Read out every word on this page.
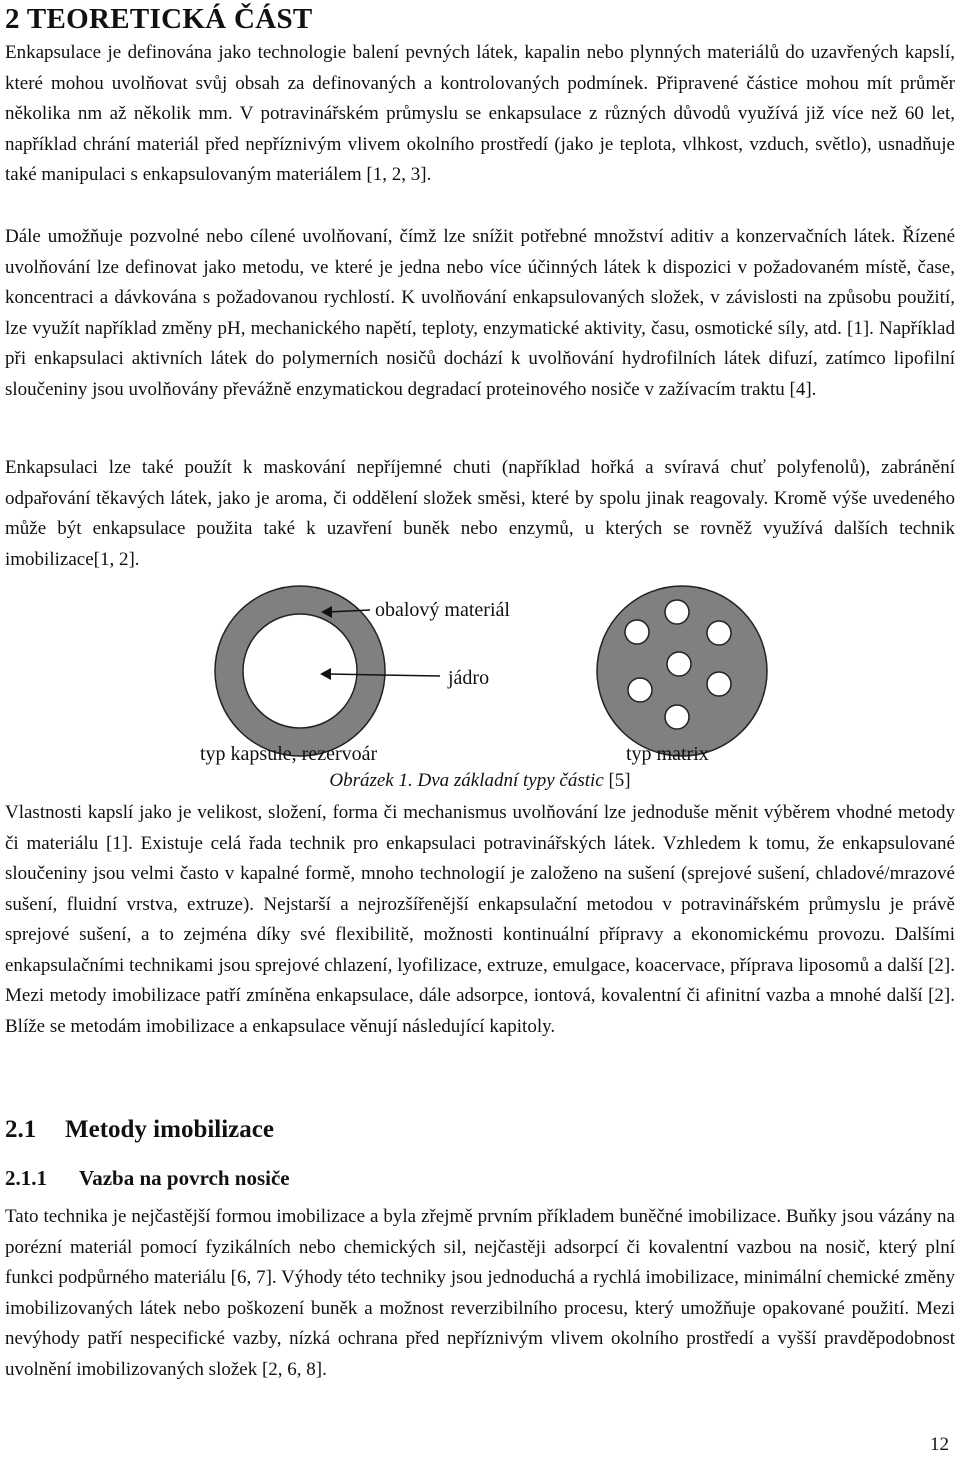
2 TEORETICKÁ ČÁST

Enkapsulace je definována jako technologie balení pevných látek, kapalin nebo plynných materiálů do uzavřených kapslí, které mohou uvolňovat svůj obsah za definovaných a kontrolovaných podmínek. Připravené částice mohou mít průměr několika nm až několik mm. V potravinářském průmyslu se enkapsulace z různých důvodů využívá již více než 60 let, například chrání materiál před nepříznivým vlivem okolního prostředí (jako je teplota, vlhkost, vzduch, světlo), usnadňuje také manipulaci s enkapsulovaným materiálem [1, 2, 3].

Dále umožňuje pozvolné nebo cílené uvolňovaní, čímž lze snížit potřebné množství aditiv a konzervačních látek. Řízené uvolňování lze definovat jako metodu, ve které je jedna nebo více účinných látek k dispozici v požadovaném místě, čase, koncentraci a dávkována s požadovanou rychlostí. K uvolňování enkapsulovaných složek, v závislosti na způsobu použití, lze využít například změny pH, mechanického napětí, teploty, enzymatické aktivity, času, osmotické síly, atd. [1]. Například při enkapsulaci aktivních látek do polymerních nosičů dochází k uvolňování hydrofilních látek difuzí, zatímco lipofilní sloučeniny jsou uvolňovány převážně enzymatickou degradací proteinového nosiče v zažívacím traktu [4].

Enkapsulaci lze také použít k maskování nepříjemné chuti (například hořká a svíravá chuť polyfenolů), zabránění odpařování těkavých látek, jako je aroma, či oddělení složek směsi, které by spolu jinak reagovaly. Kromě výše uvedeného může být enkapsulace použita také k uzavření buněk nebo enzymů, u kterých se rovněž využívá dalších technik imobilizace[1, 2].

Obrázek 1. Dva základní typy částic [5]

Vlastnosti kapslí jako je velikost, složení, forma či mechanismus uvolňování lze jednoduše měnit výběrem vhodné metody či materiálu [1]. Existuje celá řada technik pro enkapsulaci potravinářských látek. Vzhledem k tomu, že enkapsulované sloučeniny jsou velmi často v kapalné formě, mnoho technologií je založeno na sušení (sprejové sušení, chladové/mrazové sušení, fluidní vrstva, extruze). Nejstarší a nejrozšířenější enkapsulační metodou v potravinářském průmyslu je právě sprejové sušení, a to zejména díky své flexibilitě, možnosti kontinuální přípravy a ekonomickému provozu. Dalšími enkapsulačními technikami jsou sprejové chlazení, lyofilizace, extruze, emulgace, koacervace, příprava liposomů a další [2]. Mezi metody imobilizace patří zmíněna enkapsulace, dále adsorpce, iontová, kovalentní či afinitní vazba a mnohé další [2]. Blíže se metodám imobilizace a enkapsulace věnují následující kapitoly.

2.1 Metody imobilizace
2.1.1 Vazba na povrch nosiče

Tato technika je nejčastější formou imobilizace a byla zřejmě prvním příkladem buněčné imobilizace. Buňky jsou vázány na porézní materiál pomocí fyzikálních nebo chemických sil, nejčastěji adsorpcí či kovalentní vazbou na nosič, který plní funkci podpůrného materiálu [6, 7]. Výhody této techniky jsou jednoduchá a rychlá imobilizace, minimální chemické změny imobilizovaných látek nebo poškození buněk a možnost reverzibilního procesu, který umožňuje opakované použití. Mezi nevýhody patří nespecifické vazby, nízká ochrana před nepříznivým vlivem okolního prostředí a vyšší pravděpodobnost uvolnění imobilizovaných složek [2, 6, 8].

12
obalový materiál
jádro
typ kapsule, rezervoár	typ matrix
